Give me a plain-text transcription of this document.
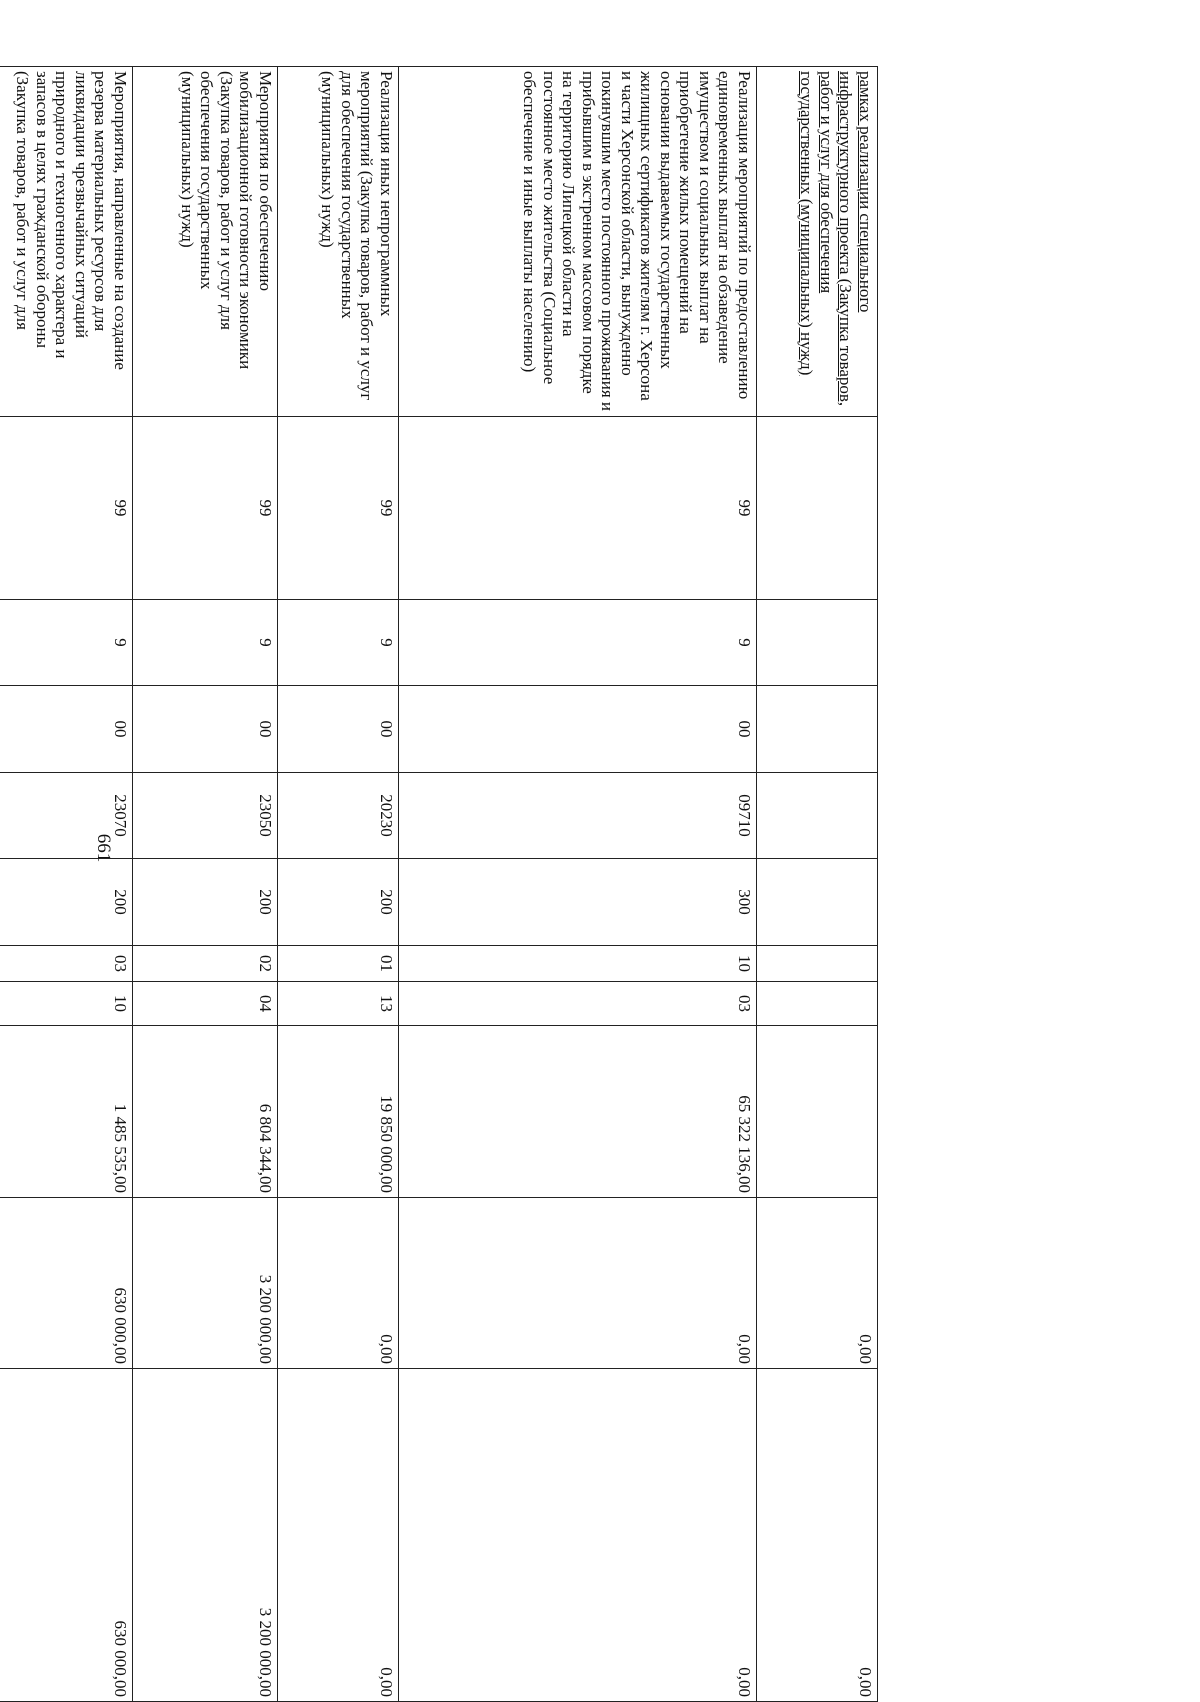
661
рамках реализации специального инфраструктурного проекта (Закупка товаров, работ и услуг для обеспечения государственных (муниципальных) нужд)									0,00	0,00
Реализация мероприятий по предоставлению единовременных выплат на обзаведение имуществом и социальных выплат на приобретение жилых помещений на основании выдаваемых государственных жилищных сертификатов жителям г. Херсона и части Херсонской области, вынужденно покинувшим место постоянного проживания и прибывшим в экстренном массовом порядке на территорию Липецкой области на постоянное место жительства (Социальное обеспечение и иные выплаты населению)	99	9	00	09710	300	10	03	65 322 136,00	0,00	0,00
Реализация иных непрограммных мероприятий (Закупка товаров, работ и услуг для обеспечения государственных (муниципальных) нужд)	99	9	00	20230	200	01	13	19 850 000,00	0,00	0,00
Мероприятия по обеспечению мобилизационной готовности экономики (Закупка товаров, работ и услуг для обеспечения государственных (муниципальных) нужд)	99	9	00	23050	200	02	04	6 804 344,00	3 200 000,00	3 200 000,00
Мероприятия, направленные на создание резерва материальных ресурсов для ликвидации чрезвычайных ситуаций природного и техногенного характера и запасов в целях гражданской обороны (Закупка товаров, работ и услуг для	99	9	00	23070	200	03	10	1 485 535,00	630 000,00	630 000,00
